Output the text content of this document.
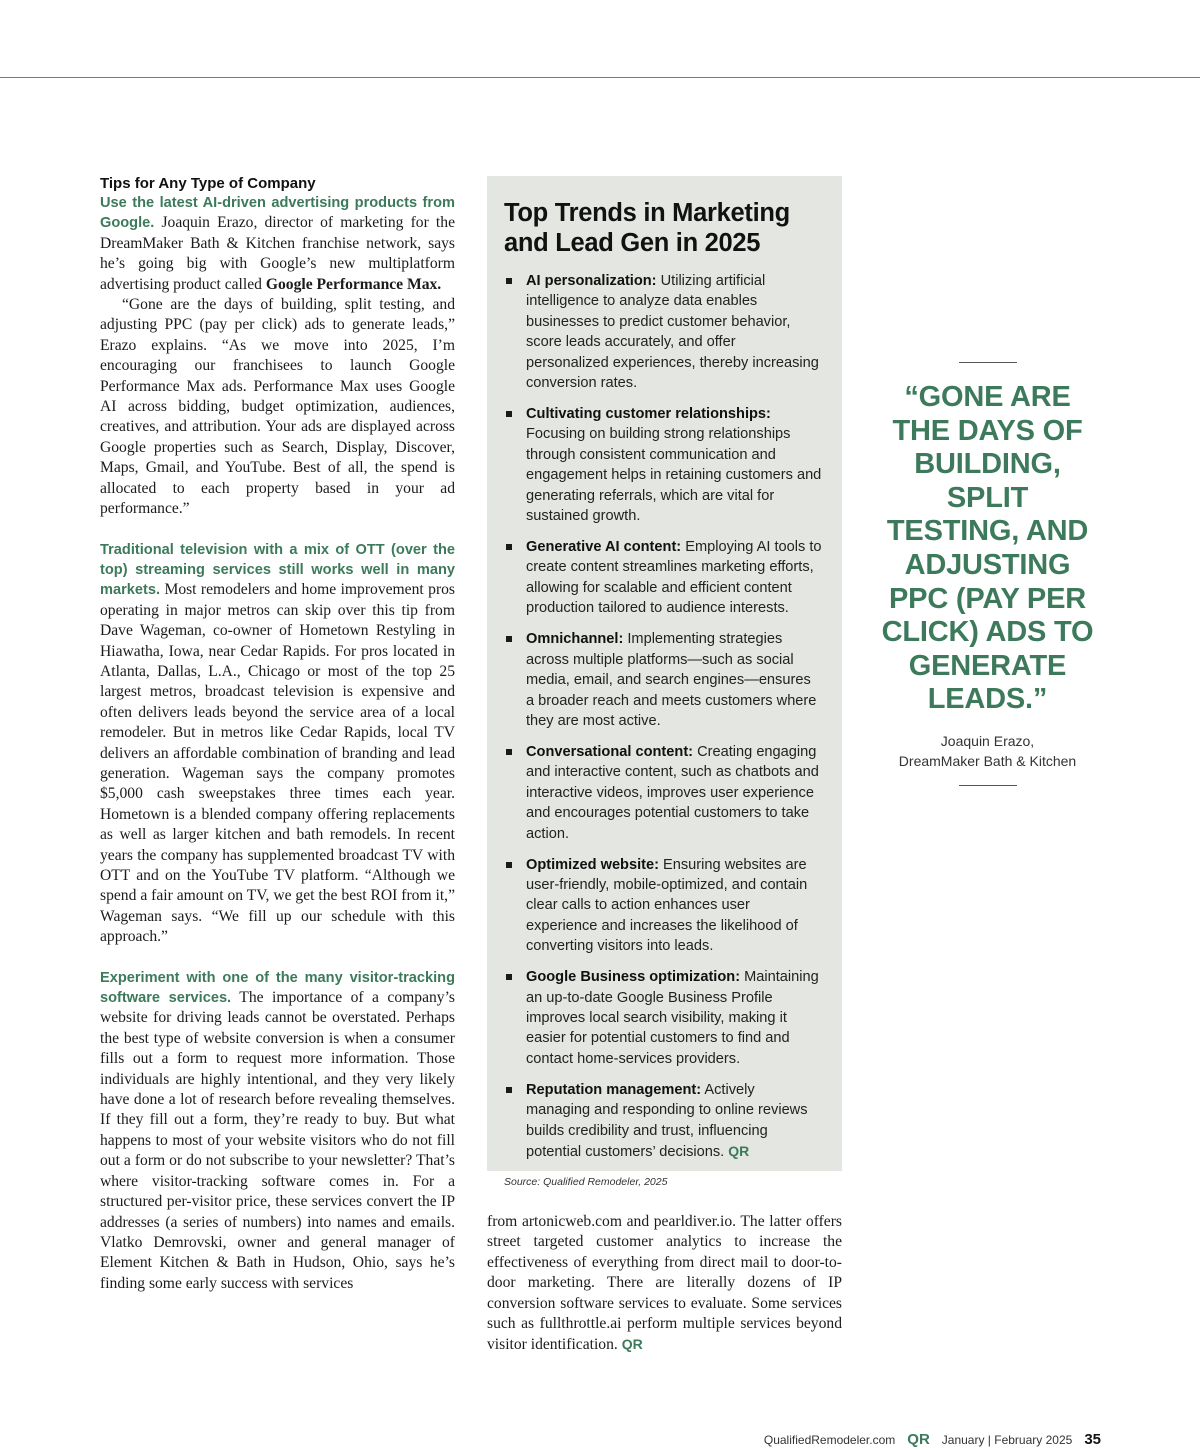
Tips for Any Type of Company

Use the latest AI-driven advertising products from Google. Joaquin Erazo, director of marketing for the DreamMaker Bath & Kitchen franchise network, says he’s going big with Google’s new multiplatform advertising product called Google Performance Max.

“Gone are the days of building, split testing, and adjusting PPC (pay per click) ads to generate leads,” Erazo explains. “As we move into 2025, I’m encouraging our franchisees to launch Google Performance Max ads. Performance Max uses Google AI across bidding, budget optimization, audiences, creatives, and attribution. Your ads are displayed across Google properties such as Search, Display, Discover, Maps, Gmail, and YouTube. Best of all, the spend is allocated to each property based in your ad performance.”

Traditional television with a mix of OTT (over the top) streaming services still works well in many markets. Most remodelers and home improvement pros operating in major metros can skip over this tip from Dave Wageman, co-owner of Hometown Restyling in Hiawatha, Iowa, near Cedar Rapids. For pros located in Atlanta, Dallas, L.A., Chicago or most of the top 25 largest metros, broadcast television is expensive and often delivers leads beyond the service area of a local remodeler. But in metros like Cedar Rapids, local TV delivers an affordable combination of branding and lead generation. Wageman says the company promotes $5,000 cash sweepstakes three times each year. Hometown is a blended company offering replacements as well as larger kitchen and bath remodels. In recent years the company has supplemented broadcast TV with OTT and on the YouTube TV platform. “Although we spend a fair amount on TV, we get the best ROI from it,” Wageman says. “We fill up our schedule with this approach.”

Experiment with one of the many visitor-tracking software services. The importance of a company’s website for driving leads cannot be overstated. Perhaps the best type of website conversion is when a consumer fills out a form to request more information. Those individuals are highly intentional, and they very likely have done a lot of research before revealing themselves. If they fill out a form, they’re ready to buy. But what happens to most of your website visitors who do not fill out a form or do not subscribe to your newsletter? That’s where visitor-tracking software comes in. For a structured per-visitor price, these services convert the IP addresses (a series of numbers) into names and emails. Vlatko Demrovski, owner and general manager of Element Kitchen & Bath in Hudson, Ohio, says he’s finding some early success with services

Top Trends in Marketing and Lead Gen in 2025
AI personalization: Utilizing artificial intelligence to analyze data enables businesses to predict customer behavior, score leads accurately, and offer personalized experiences, thereby increasing conversion rates.
Cultivating customer relationships: Focusing on building strong relationships through consistent communication and engagement helps in retaining customers and generating referrals, which are vital for sustained growth.
Generative AI content: Employing AI tools to create content streamlines marketing efforts, allowing for scalable and efficient content production tailored to audience interests.
Omnichannel: Implementing strategies across multiple platforms—such as social media, email, and search engines—ensures a broader reach and meets customers where they are most active.
Conversational content: Creating engaging and interactive content, such as chatbots and interactive videos, improves user experience and encourages potential customers to take action.
Optimized website: Ensuring websites are user-friendly, mobile-optimized, and contain clear calls to action enhances user experience and increases the likelihood of converting visitors into leads.
Google Business optimization: Maintaining an up-to-date Google Business Profile improves local search visibility, making it easier for potential customers to find and contact home-services providers.
Reputation management: Actively managing and responding to online reviews builds credibility and trust, influencing potential customers’ decisions. QR
Source: Qualified Remodeler, 2025

from artonicweb.com and pearldiver.io. The latter offers street targeted customer analytics to increase the effectiveness of everything from direct mail to door-to-door marketing. There are literally dozens of IP conversion software services to evaluate. Some services such as fullthrottle.ai perform multiple services beyond visitor identification. QR

“GONE ARE THE DAYS OF BUILDING, SPLIT TESTING, AND ADJUSTING PPC (PAY PER CLICK) ADS TO GENERATE LEADS.”
Joaquin Erazo,
DreamMaker Bath & Kitchen
QualifiedRemodeler.com QR January | February 2025 35
